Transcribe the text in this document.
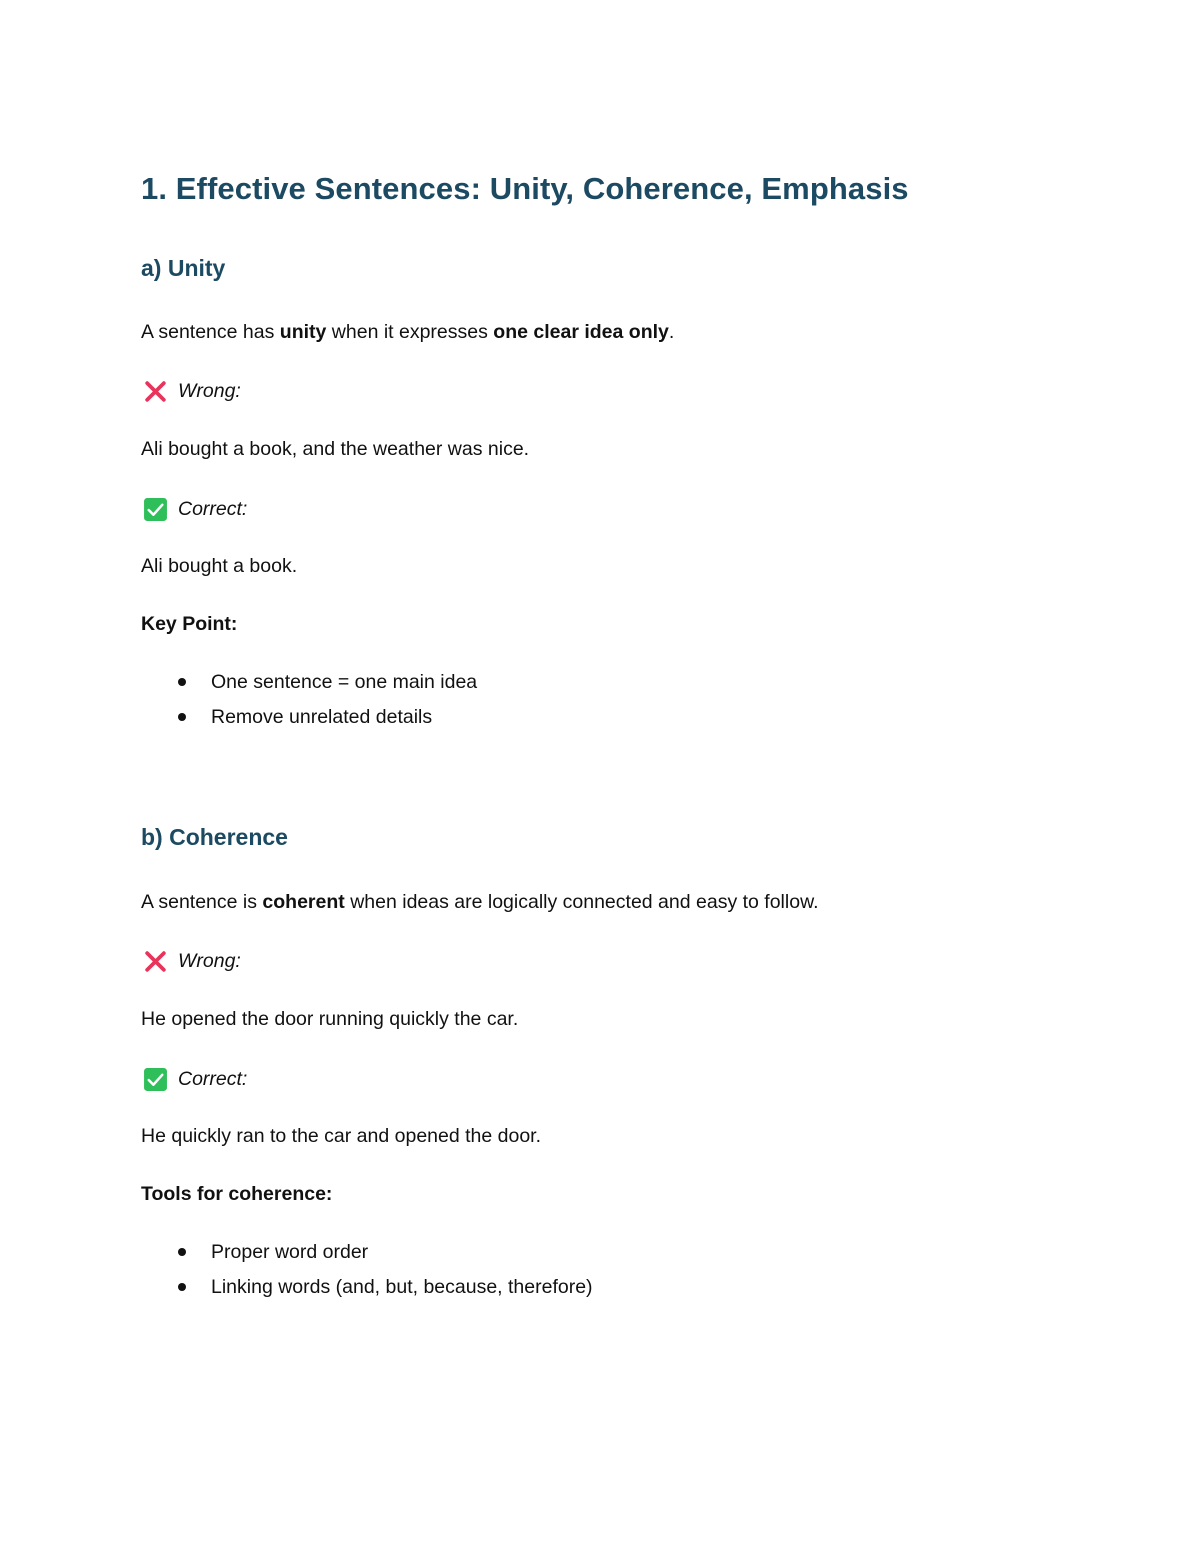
1. Effective Sentences: Unity, Coherence, Emphasis
a) Unity

A sentence has unity when it expresses one clear idea only.

Wrong:

Ali bought a book, and the weather was nice.

Correct:

Ali bought a book.

Key Point:

One sentence = one main idea
Remove unrelated details
b) Coherence

A sentence is coherent when ideas are logically connected and easy to follow.

Wrong:

He opened the door running quickly the car.

Correct:

He quickly ran to the car and opened the door.

Tools for coherence:

Proper word order
Linking words (and, but, because, therefore)
